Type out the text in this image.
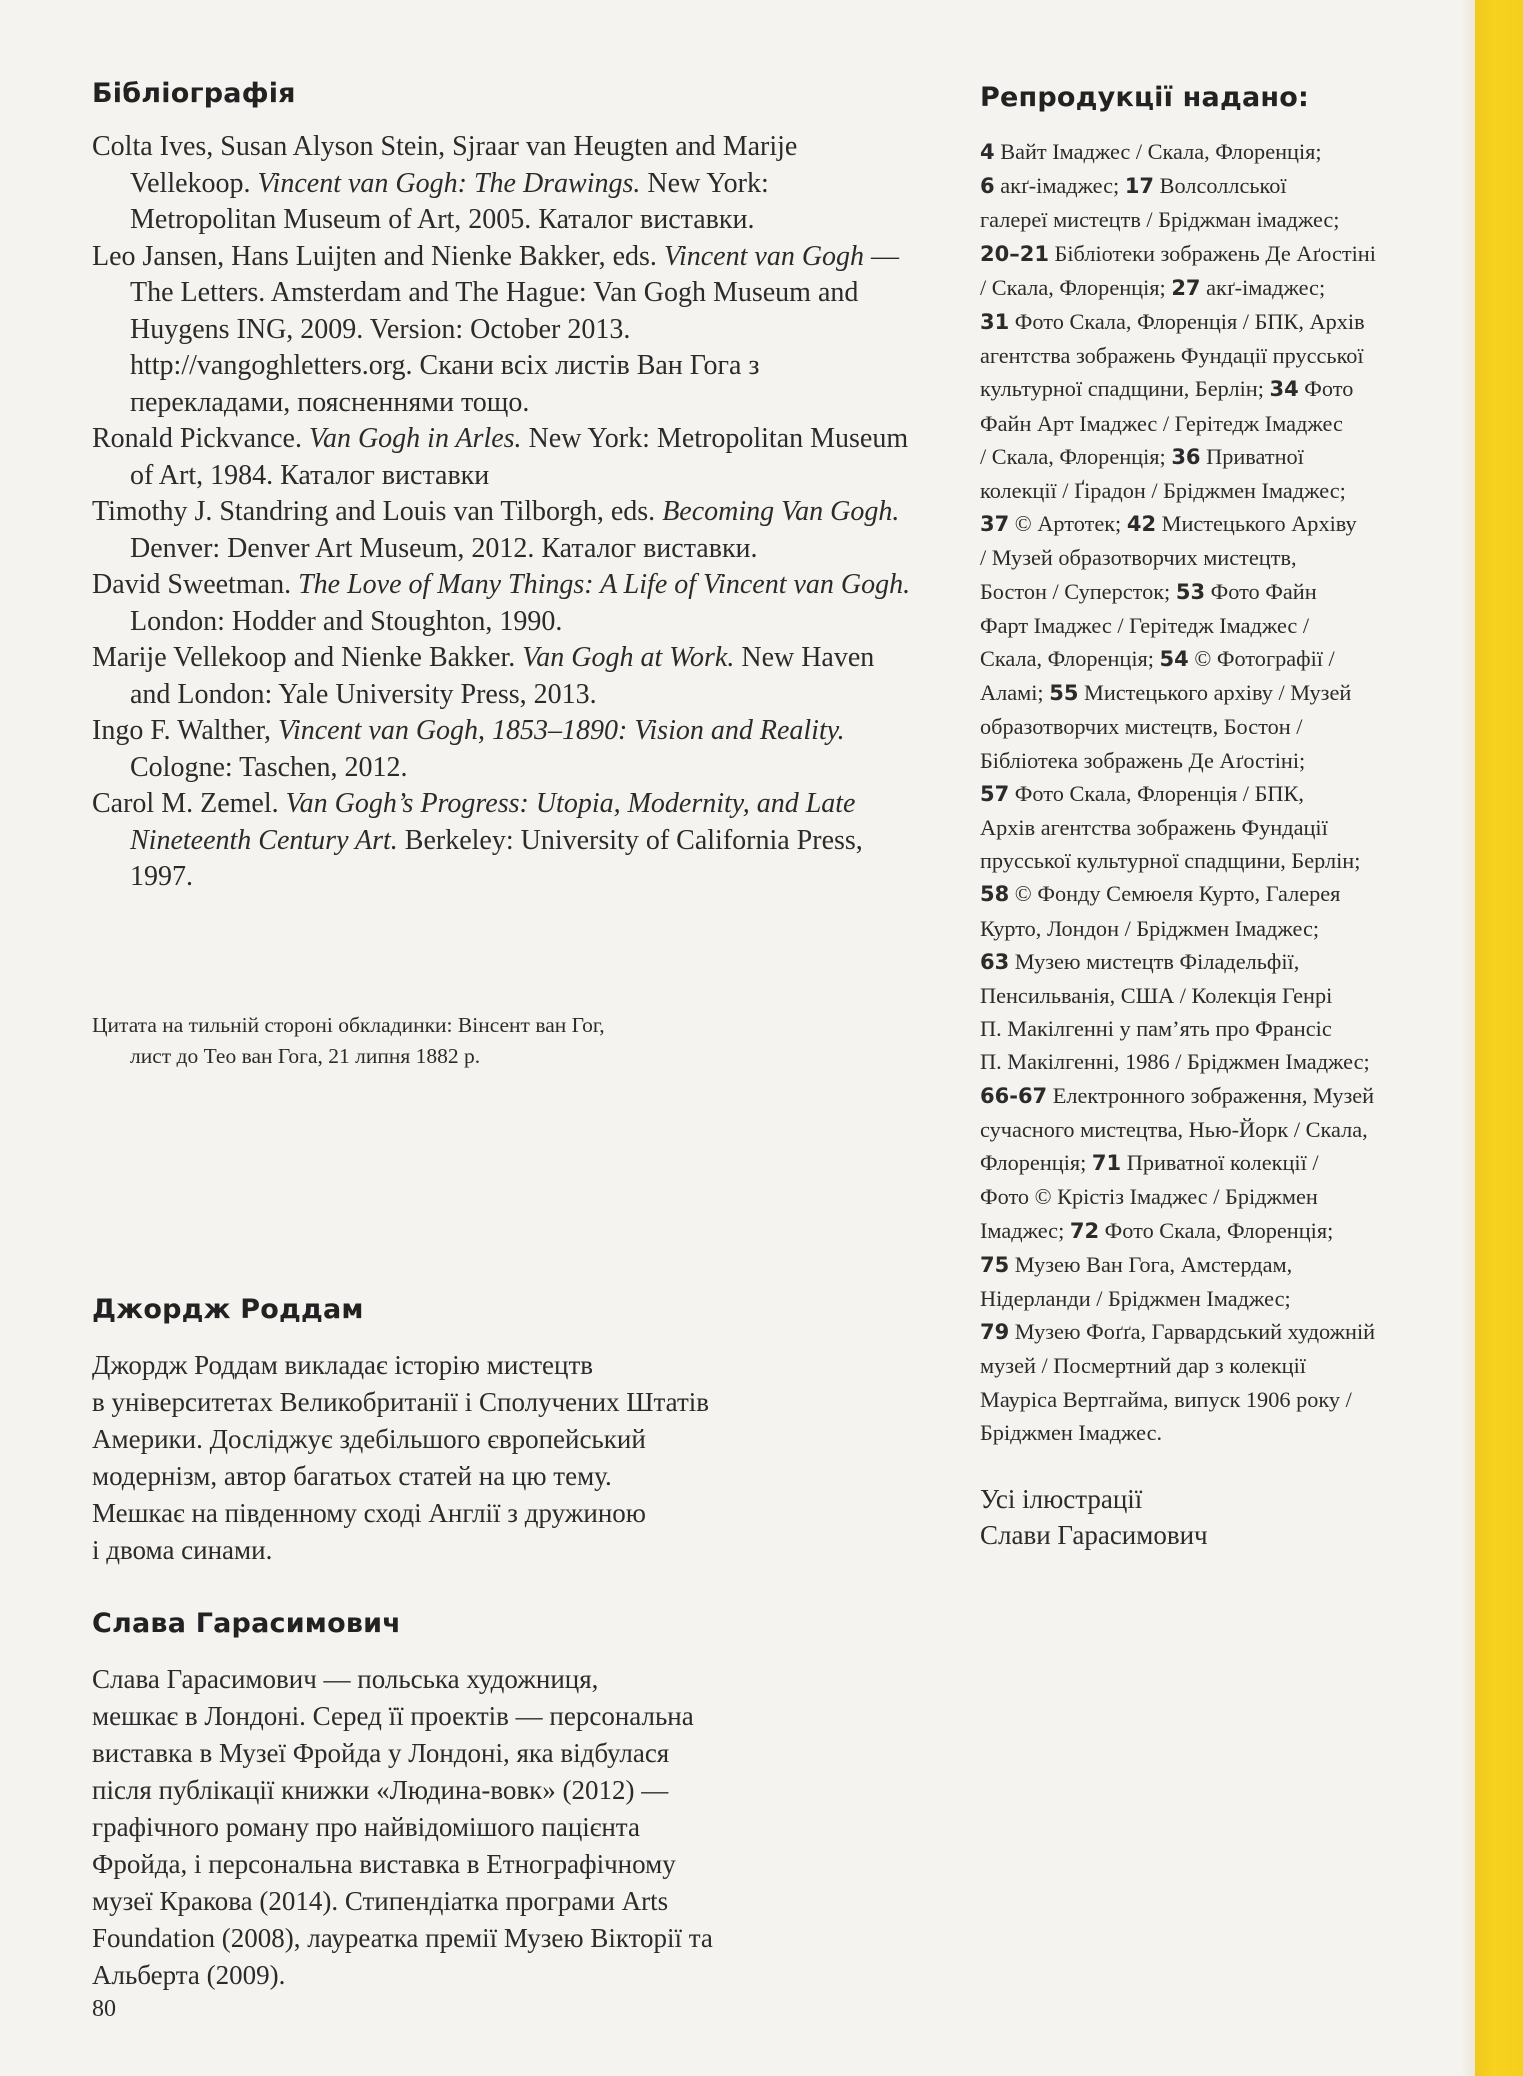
Бібліографія

Colta Ives, Susan Alyson Stein, Sjraar van Heugten and Marije Vellekoop. Vincent van Gogh: The Drawings. New York: Metropolitan Museum of Art, 2005. Каталог виставки.

Leo Jansen, Hans Luijten and Nienke Bakker, eds. Vincent van Gogh — The Letters. Amsterdam and The Hague: Van Gogh Museum and Huygens ING, 2009. Version: October 2013. http://vangoghletters.org. Скани всіх листів Ван Гога з перекладами, поясненнями тощо.

Ronald Pickvance. Van Gogh in Arles. New York: Metropolitan Museum of Art, 1984. Каталог виставки

Timothy J. Standring and Louis van Tilborgh, eds. Becoming Van Gogh. Denver: Denver Art Museum, 2012. Каталог виставки.

David Sweetman. The Love of Many Things: A Life of Vincent van Gogh. London: Hodder and Stoughton, 1990.

Marije Vellekoop and Nienke Bakker. Van Gogh at Work. New Haven and London: Yale University Press, 2013.

Ingo F. Walther, Vincent van Gogh, 1853–1890: Vision and Reality. Cologne: Taschen, 2012.

Carol M. Zemel. Van Gogh’s Progress: Utopia, Modernity, and Late Nineteenth Century Art. Berkeley: University of California Press, 1997.

Цитата на тильній стороні обкладинки: Вінсент ван Гог,
лист до Тео ван Гога, 21 липня 1882 р.
Джордж Роддам
Джордж Роддам викладає історію мистецтв
в університетах Великобританії і Сполучених Штатів
Америки. Досліджує здебільшого європейський
модернізм, автор багатьох статей на цю тему.
Мешкає на південному сході Англії з дружиною
і двома синами.
Слава Гарасимович
Слава Гарасимович — польська художниця,
мешкає в Лондоні. Серед її проектів — персональна
виставка в Музеї Фройда у Лондоні, яка відбулася
після публікації книжки «Людина-вовк» (2012) —
графічного роману про найвідомішого пацієнта
Фройда, і персональна виставка в Етнографічному
музеї Кракова (2014). Стипендіатка програми Arts
Foundation (2008), лауреатка премії Музею Вікторії та
Альберта (2009).
80
Репродукції надано:
4 Вайт Імаджес / Скала, Флоренція;
6 акґ-імаджес; 17 Волсоллської
галереї мистецтв / Бріджман імаджес;
20–21 Бібліотеки зображень Де Аґостіні
/ Скала, Флоренція; 27 акґ-імаджес;
31 Фото Скала, Флоренція / БПК, Архів
агентства зображень Фундації прусської
культурної спадщини, Берлін; 34 Фото
Файн Арт Імаджес / Герітедж Імаджес
/ Скала, Флоренція; 36 Приватної
колекції / Ґірадон / Бріджмен Імаджес;
37 © Артотек; 42 Мистецького Архіву
/ Музей образотворчих мистецтв,
Бостон / Суперсток; 53 Фото Файн
Фарт Імаджес / Герітедж Імаджес /
Скала, Флоренція; 54 © Фотографії /
Аламі; 55 Мистецького архіву / Музей
образотворчих мистецтв, Бостон /
Бібліотека зображень Де Аґостіні;
57 Фото Скала, Флоренція / БПК,
Архів агентства зображень Фундації
прусської культурної спадщини, Берлін;
58 © Фонду Семюеля Курто, Галерея
Курто, Лондон / Бріджмен Імаджес;
63 Музею мистецтв Філадельфії,
Пенсильванія, США / Колекція Генрі
П. Макілгенні у пам’ять про Франсіс
П. Макілгенні, 1986 / Бріджмен Імаджес;
66-67 Електронного зображення, Музей
сучасного мистецтва, Нью-Йорк / Скала,
Флоренція; 71 Приватної колекції /
Фото © Крістіз Імаджес / Бріджмен
Імаджес; 72 Фото Скала, Флоренція;
75 Музею Ван Гога, Амстердам,
Нідерланди / Бріджмен Імаджес;
79 Музею Фоґґа, Гарвардський художній
музей / Посмертний дар з колекції
Мауріса Вертгайма, випуск 1906 року /
Бріджмен Імаджес.
Усі ілюстрації
Слави Гарасимович
